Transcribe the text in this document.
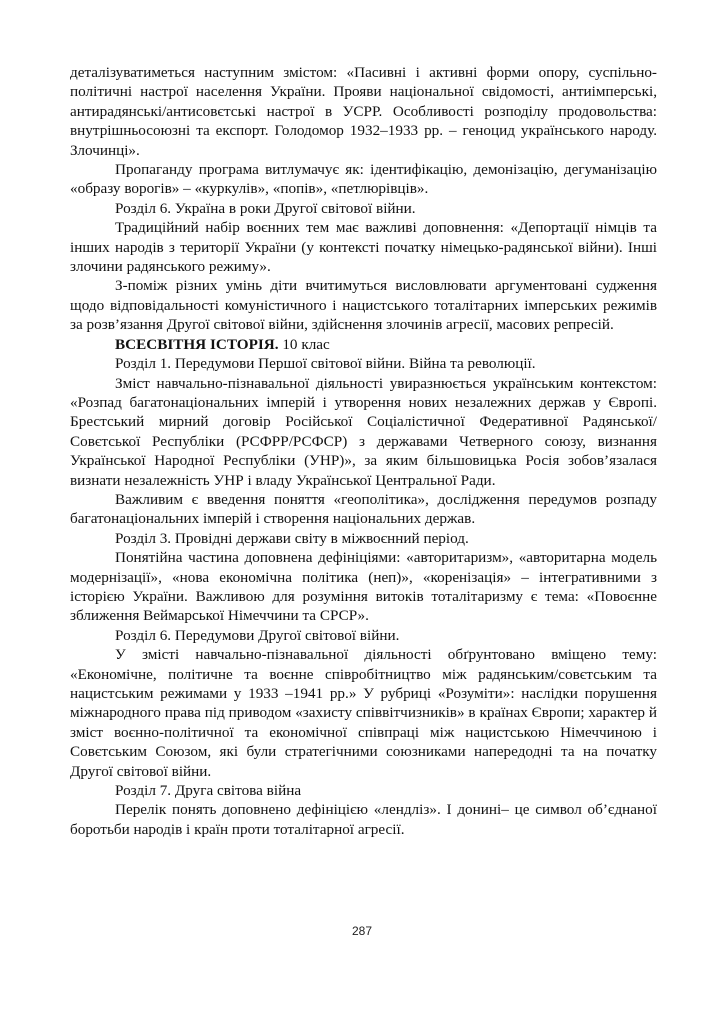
деталізуватиметься наступним змістом: «Пасивні і активні форми опору, суспільно-політичні настрої населення України. Прояви національної свідомості, антиімперські, антирадянські/антисовєтські настрої в УСРР. Особливості розподілу продовольства: внутрішньосоюзні та експорт. Голодомор 1932–1933 рр. – геноцид українського народу. Злочинці».

Пропаганду програма витлумачує як: ідентифікацію, демонізацію, дегуманізацію «образу ворогів» – «куркулів», «попів», «петлюрівців».

Розділ 6. Україна в роки Другої світової війни.

Традиційний набір воєнних тем має важливі доповнення: «Депортації німців та інших народів з території України (у контексті початку німецько-радянської війни). Інші злочини радянського режиму».

З-поміж різних умінь діти вчитимуться висловлювати аргументовані судження щодо відповідальності комуністичного і нацистського тоталітарних імперських режимів за розв’язання Другої світової війни, здійснення злочинів агресії, масових репресій.

ВСЕСВІТНЯ ІСТОРІЯ. 10 клас

Розділ 1. Передумови Першої світової війни. Війна та революції.

Зміст навчально-пізнавальної діяльності увиразнюється українським контекстом: «Розпад багатонаціональних імперій і утворення нових незалежних держав у Європі. Брестський мирний договір Російської Соціалістичної Федеративної Радянської/Совєтської Республіки (РСФРР/РСФСР) з державами Четверного союзу, визнання Української Народної Республіки (УНР)», за яким більшовицька Росія зобов’язалася визнати незалежність УНР і владу Української Центральної Ради.

Важливим є введення поняття «геополітика», дослідження передумов розпаду багатонаціональних імперій і створення національних держав.

Розділ 3. Провідні держави світу в міжвоєнний період.

Понятійна частина доповнена дефініціями: «авторитаризм», «авторитарна модель модернізації», «нова економічна політика (неп)», «коренізація» – інтегративними з історією України. Важливою для розуміння витоків тоталітаризму є тема: «Повоєнне зближення Веймарської Німеччини та СРСР».

Розділ 6. Передумови Другої світової війни.

У змісті навчально-пізнавальної діяльності обґрунтовано вміщено тему: «Економічне, політичне та воєнне співробітництво між радянським/совєтським та нацистським режимами у 1933 –1941 рр.» У рубриці «Розуміти»: наслідки порушення міжнародного права під приводом «захисту співвітчизників» в країнах Європи; характер й зміст воєнно-політичної та економічної співпраці між нацистською Німеччиною і Совєтським Союзом, які були стратегічними союзниками напередодні та на початку Другої світової війни.

Розділ 7. Друга світова війна

Перелік понять доповнено дефініцією «лендліз». І донині– це символ об’єднаної боротьби народів і країн проти тоталітарної агресії.

287
